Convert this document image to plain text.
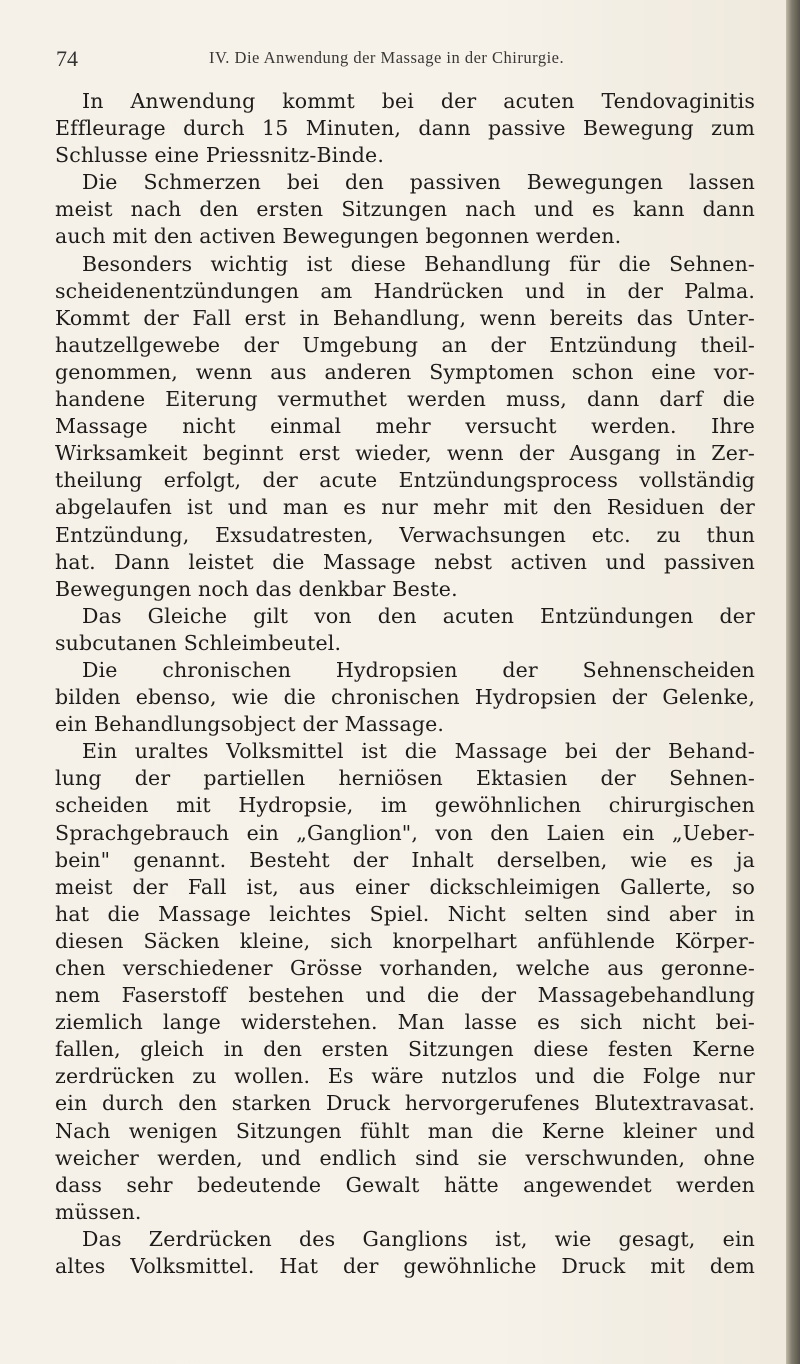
74	IV. Die Anwendung der Massage in der Chirurgie.
In Anwendung kommt bei der acuten Tendovaginitis
Effleurage durch 15 Minuten, dann passive Bewegung zum
Schlusse eine Priessnitz-Binde.
Die Schmerzen bei den passiven Bewegungen lassen
meist nach den ersten Sitzungen nach und es kann dann
auch mit den activen Bewegungen begonnen werden.
Besonders wichtig ist diese Behandlung für die Sehnen-
scheidenentzündungen am Handrücken und in der Palma.
Kommt der Fall erst in Behandlung, wenn bereits das Unter-
hautzellgewebe der Umgebung an der Entzündung theil-
genommen, wenn aus anderen Symptomen schon eine vor-
handene Eiterung vermuthet werden muss, dann darf die
Massage nicht einmal mehr versucht werden. Ihre
Wirksamkeit beginnt erst wieder, wenn der Ausgang in Zer-
theilung erfolgt, der acute Entzündungsprocess vollständig
abgelaufen ist und man es nur mehr mit den Residuen der
Entzündung, Exsudatresten, Verwachsungen etc. zu thun
hat. Dann leistet die Massage nebst activen und passiven
Bewegungen noch das denkbar Beste.
Das Gleiche gilt von den acuten Entzündungen der
subcutanen Schleimbeutel.
Die chronischen Hydropsien der Sehnenscheiden
bilden ebenso, wie die chronischen Hydropsien der Gelenke,
ein Behandlungsobject der Massage.
Ein uraltes Volksmittel ist die Massage bei der Behand-
lung der partiellen herniösen Ektasien der Sehnen-
scheiden mit Hydropsie, im gewöhnlichen chirurgischen
Sprachgebrauch ein „Ganglion", von den Laien ein „Ueber-
bein" genannt. Besteht der Inhalt derselben, wie es ja
meist der Fall ist, aus einer dickschleimigen Gallerte, so
hat die Massage leichtes Spiel. Nicht selten sind aber in
diesen Säcken kleine, sich knorpelhart anfühlende Körper-
chen verschiedener Grösse vorhanden, welche aus geronne-
nem Faserstoff bestehen und die der Massagebehandlung
ziemlich lange widerstehen. Man lasse es sich nicht bei-
fallen, gleich in den ersten Sitzungen diese festen Kerne
zerdrücken zu wollen. Es wäre nutzlos und die Folge nur
ein durch den starken Druck hervorgerufenes Blutextravasat.
Nach wenigen Sitzungen fühlt man die Kerne kleiner und
weicher werden, und endlich sind sie verschwunden, ohne
dass sehr bedeutende Gewalt hätte angewendet werden
müssen.
Das Zerdrücken des Ganglions ist, wie gesagt, ein
altes Volksmittel. Hat der gewöhnliche Druck mit dem
